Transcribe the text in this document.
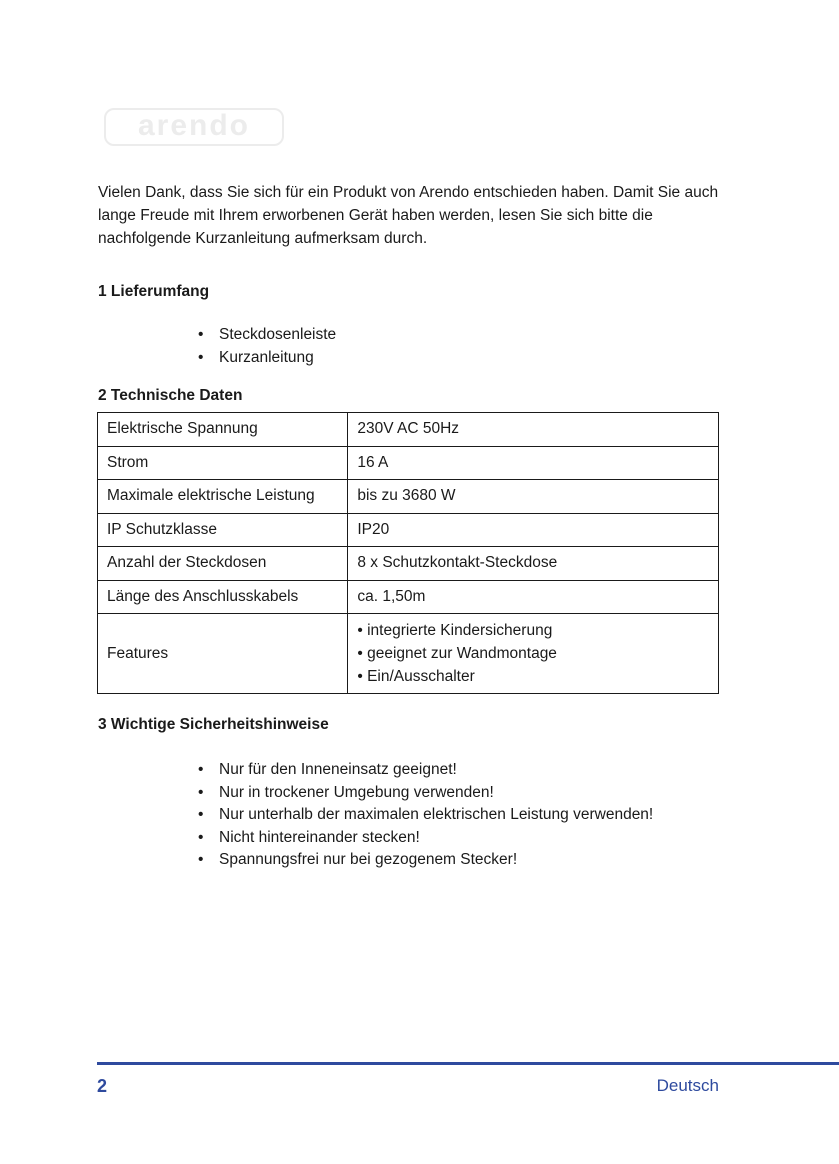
arendo

Vielen Dank, dass Sie sich für ein Produkt von Arendo entschieden haben. Damit Sie auch lange Freude mit Ihrem erworbenen Gerät haben werden, lesen Sie sich bitte die nachfolgende Kurzanleitung aufmerksam durch.

1 Lieferumfang
• Steckdosenleiste
• Kurzanleitung
2 Technische Daten
Elektrische Spannung	230V AC 50Hz
Strom	16 A
Maximale elektrische Leistung	bis zu 3680 W
IP Schutzklasse	IP20
Anzahl der Steckdosen	8 x Schutzkontakt-Steckdose
Länge des Anschlusskabels	ca. 1,50m
Features	• integrierte Kindersicherung
• geeignet zur Wandmontage
• Ein/Ausschalter
3 Wichtige Sicherheitshinweise
• Nur für den Inneneinsatz geeignet!
• Nur in trockener Umgebung verwenden!
• Nur unterhalb der maximalen elektrischen Leistung verwenden!
• Nicht hintereinander stecken!
• Spannungsfrei nur bei gezogenem Stecker!
2	Deutsch
